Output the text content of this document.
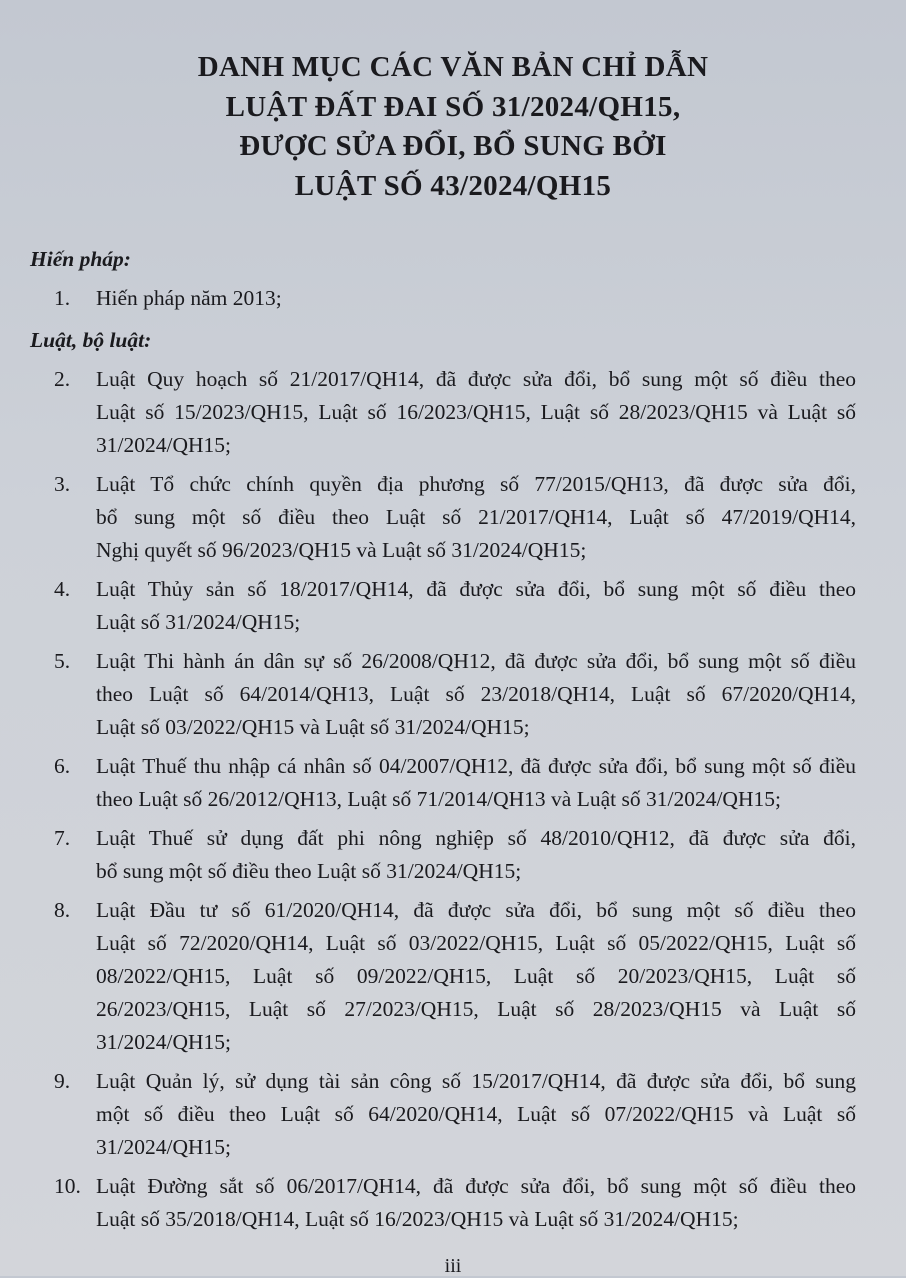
DANH MỤC CÁC VĂN BẢN CHỈ DẪN
LUẬT ĐẤT ĐAI SỐ 31/2024/QH15,
ĐƯỢC SỬA ĐỔI, BỔ SUNG BỞI
LUẬT SỐ 43/2024/QH15

Hiến pháp:

1.	Hiến pháp năm 2013;

Luật, bộ luật:

2.	Luật Quy hoạch số 21/2017/QH14, đã được sửa đổi, bổ sung một số điều theo
Luật số 15/2023/QH15, Luật số 16/2023/QH15, Luật số 28/2023/QH15 và Luật số
31/2024/QH15;
3.	Luật Tổ chức chính quyền địa phương số 77/2015/QH13, đã được sửa đổi,
bổ sung một số điều theo Luật số 21/2017/QH14, Luật số 47/2019/QH14,
Nghị quyết số 96/2023/QH15 và Luật số 31/2024/QH15;
4.	Luật Thủy sản số 18/2017/QH14, đã được sửa đổi, bổ sung một số điều theo
Luật số 31/2024/QH15;
5.	Luật Thi hành án dân sự số 26/2008/QH12, đã được sửa đổi, bổ sung một số điều
theo Luật số 64/2014/QH13, Luật số 23/2018/QH14, Luật số 67/2020/QH14,
Luật số 03/2022/QH15 và Luật số 31/2024/QH15;
6.	Luật Thuế thu nhập cá nhân số 04/2007/QH12, đã được sửa đổi, bổ sung một số điều
theo Luật số 26/2012/QH13, Luật số 71/2014/QH13 và Luật số 31/2024/QH15;
7.	Luật Thuế sử dụng đất phi nông nghiệp số 48/2010/QH12, đã được sửa đổi,
bổ sung một số điều theo Luật số 31/2024/QH15;
8.	Luật Đầu tư số 61/2020/QH14, đã được sửa đổi, bổ sung một số điều theo
Luật số 72/2020/QH14, Luật số 03/2022/QH15, Luật số 05/2022/QH15, Luật số
08/2022/QH15, Luật số 09/2022/QH15, Luật số 20/2023/QH15, Luật số
26/2023/QH15, Luật số 27/2023/QH15, Luật số 28/2023/QH15 và Luật số
31/2024/QH15;
9.	Luật Quản lý, sử dụng tài sản công số 15/2017/QH14, đã được sửa đổi, bổ sung
một số điều theo Luật số 64/2020/QH14, Luật số 07/2022/QH15 và Luật số
31/2024/QH15;
10. Luật Đường sắt số 06/2017/QH14, đã được sửa đổi, bổ sung một số điều theo
Luật số 35/2018/QH14, Luật số 16/2023/QH15 và Luật số 31/2024/QH15;
iii
